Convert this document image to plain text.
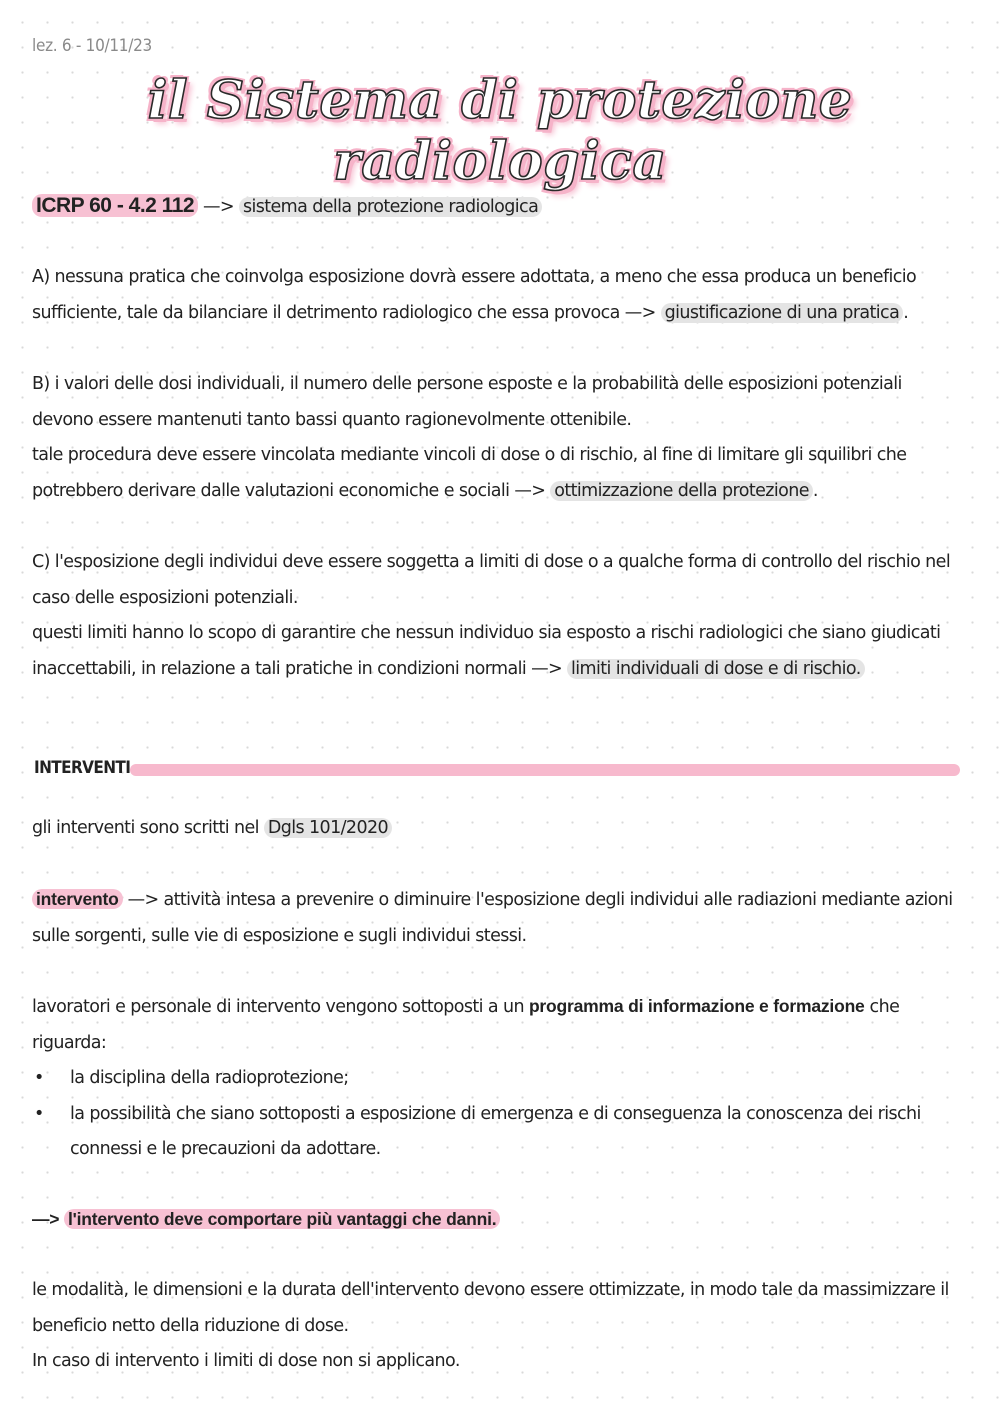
lez. 6 - 10/11/23
il Sistema di protezione radiologica
ICRP 60 - 4.2 112 —> sistema della protezione radiologica
A) nessuna pratica che coinvolga esposizione dovrà essere adottata, a meno che essa produca un beneficio sufficiente, tale da bilanciare il detrimento radiologico che essa provoca —> giustificazione di una pratica .
B) i valori delle dosi individuali, il numero delle persone esposte e la probabilità delle esposizioni potenziali devono essere mantenuti tanto bassi quanto ragionevolmente ottenibile.
tale procedura deve essere vincolata mediante vincoli di dose o di rischio, al fine di limitare gli squilibri che potrebbero derivare dalle valutazioni economiche e sociali —> ottimizzazione della protezione .
C) l'esposizione degli individui deve essere soggetta a limiti di dose o a qualche forma di controllo del rischio nel caso delle esposizioni potenziali.
questi limiti hanno lo scopo di garantire che nessun individuo sia esposto a rischi radiologici che siano giudicati inaccettabili, in relazione a tali pratiche in condizioni normali —> limiti individuali di dose e di rischio.
INTERVENTI
gli interventi sono scritti nel Dgls 101/2020
intervento —> attività intesa a prevenire o diminuire l'esposizione degli individui alle radiazioni mediante azioni sulle sorgenti, sulle vie di esposizione e sugli individui stessi.
lavoratori e personale di intervento vengono sottoposti a un programma di informazione e formazione che riguarda:
• la disciplina della radioprotezione;
• la possibilità che siano sottoposti a esposizione di emergenza e di conseguenza la conoscenza dei rischi connessi e le precauzioni da adottare.
—> l'intervento deve comportare più vantaggi che danni.
le modalità, le dimensioni e la durata dell'intervento devono essere ottimizzate, in modo tale da massimizzare il beneficio netto della riduzione di dose.
In caso di intervento i limiti di dose non si applicano.
